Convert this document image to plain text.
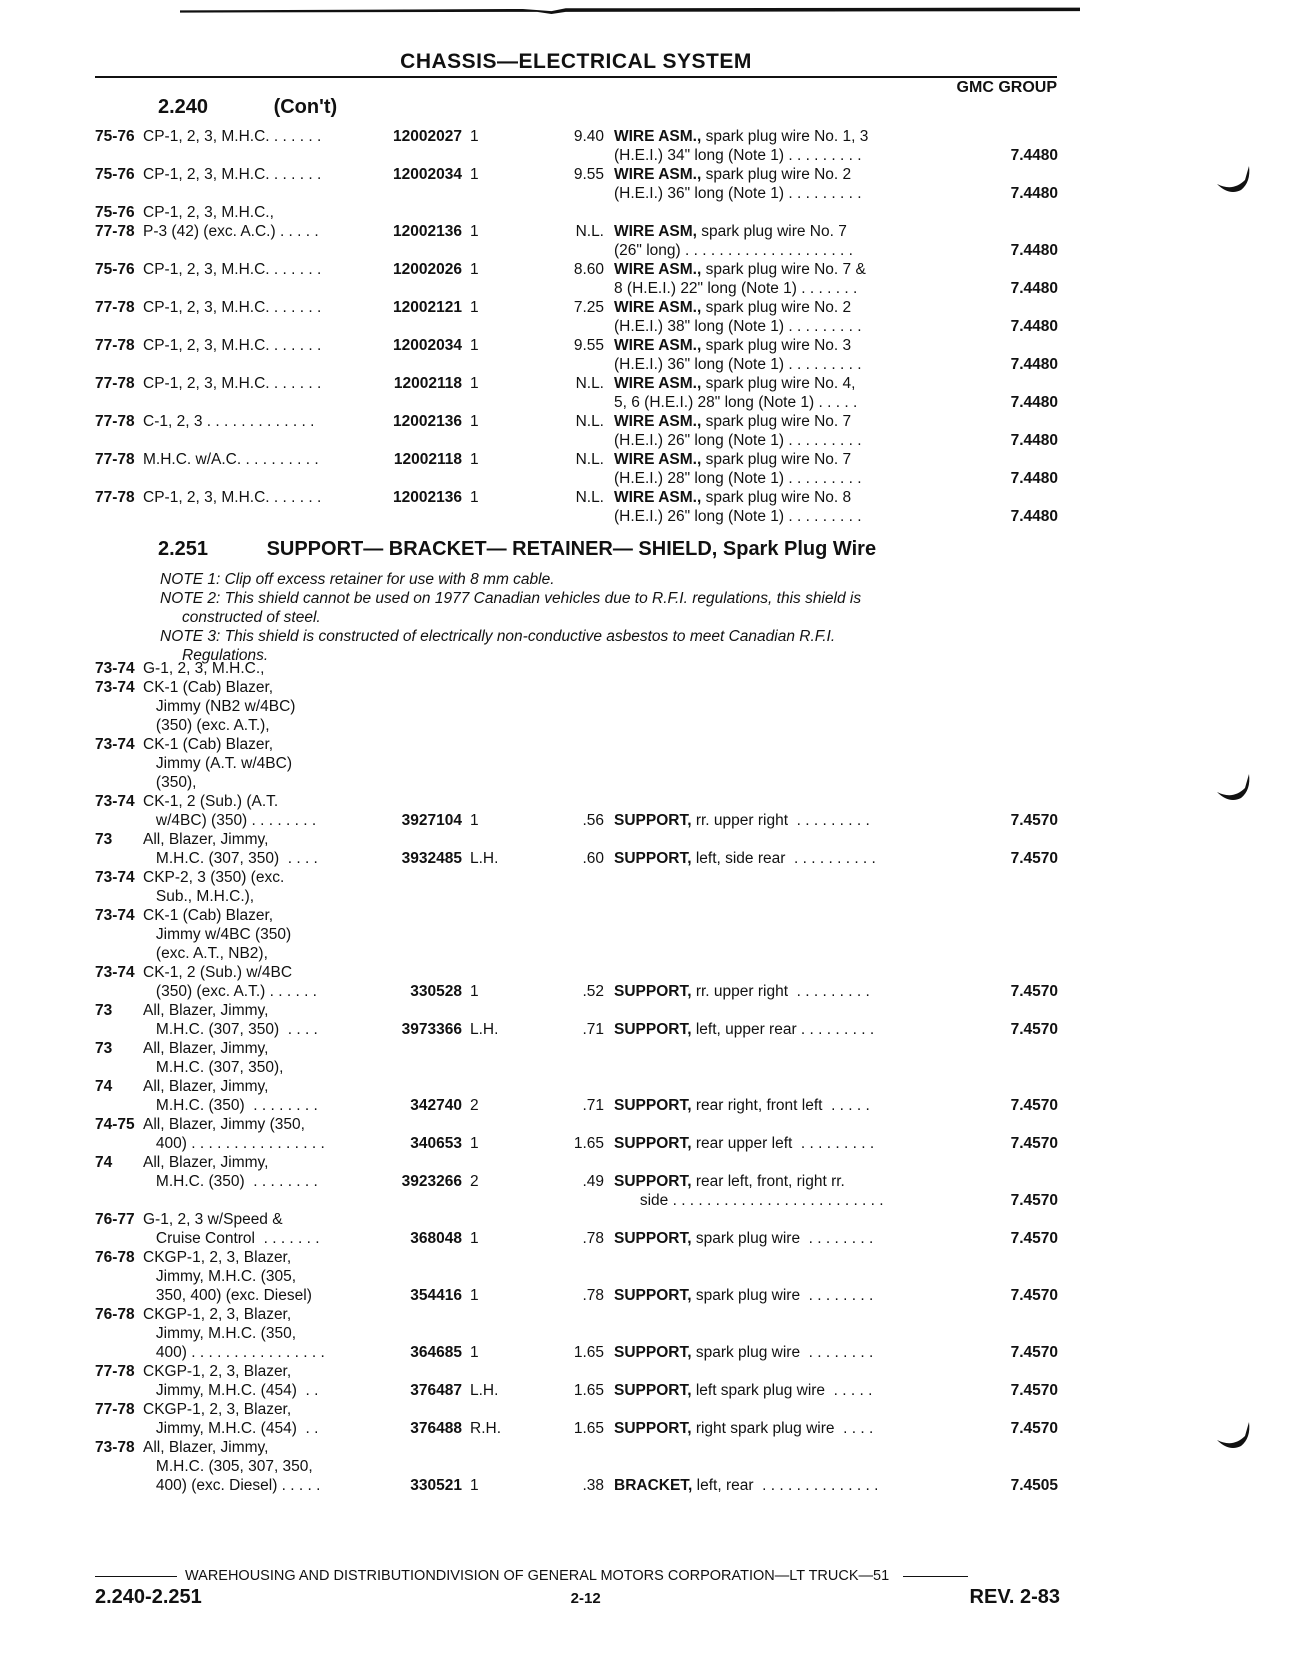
CHASSIS—ELECTRICAL SYSTEM
GMC GROUP
2.240	(Con't)
75-76 CP-1, 2, 3, M.H.C. . . . . . .	12002027 1	9.40 WIRE ASM., spark plug wire No. 1, 3
(H.E.I.) 34" long (Note 1) . . . . . . . . .	7.4480
75-76 CP-1, 2, 3, M.H.C. . . . . . .	12002034 1	9.55 WIRE ASM., spark plug wire No. 2
(H.E.I.) 36" long (Note 1) . . . . . . . . .	7.4480
75-76 CP-1, 2, 3, M.H.C.,
77-78 P-3 (42) (exc. A.C.) . . . . .	12002136 1	N.L. WIRE ASM, spark plug wire No. 7
(26" long) . . . . . . . . . . . . . . . . . . . .	7.4480
75-76 CP-1, 2, 3, M.H.C. . . . . . .	12002026 1	8.60 WIRE ASM., spark plug wire No. 7 &
8 (H.E.I.) 22" long (Note 1) . . . . . . .	7.4480
77-78 CP-1, 2, 3, M.H.C. . . . . . .	12002121 1	7.25 WIRE ASM., spark plug wire No. 2
(H.E.I.) 38" long (Note 1) . . . . . . . . .	7.4480
77-78 CP-1, 2, 3, M.H.C. . . . . . .	12002034 1	9.55 WIRE ASM., spark plug wire No. 3
(H.E.I.) 36" long (Note 1) . . . . . . . . .	7.4480
77-78 CP-1, 2, 3, M.H.C. . . . . . .	12002118 1	N.L. WIRE ASM., spark plug wire No. 4,
5, 6 (H.E.I.) 28" long (Note 1) . . . . .	7.4480
77-78 C-1, 2, 3 . . . . . . . . . . . . .	12002136 1	N.L. WIRE ASM., spark plug wire No. 7
(H.E.I.) 26" long (Note 1) . . . . . . . . .	7.4480
77-78 M.H.C. w/A.C. . . . . . . . . .	12002118 1	N.L. WIRE ASM., spark plug wire No. 7
(H.E.I.) 28" long (Note 1) . . . . . . . . .	7.4480
77-78 CP-1, 2, 3, M.H.C. . . . . . .	12002136 1	N.L. WIRE ASM., spark plug wire No. 8
(H.E.I.) 26" long (Note 1) . . . . . . . . .	7.4480
2.251	SUPPORT— BRACKET— RETAINER— SHIELD, Spark Plug Wire
NOTE 1: Clip off excess retainer for use with 8 mm cable.
NOTE 2: This shield cannot be used on 1977 Canadian vehicles due to R.F.I. regulations, this shield is
constructed of steel.
NOTE 3: This shield is constructed of electrically non-conductive asbestos to meet Canadian R.F.I.
Regulations.
73-74 G-1, 2, 3, M.H.C.,
73-74 CK-1 (Cab) Blazer,
Jimmy (NB2 w/4BC)
(350) (exc. A.T.),
73-74 CK-1 (Cab) Blazer,
Jimmy (A.T. w/4BC)
(350),
73-74 CK-1, 2 (Sub.) (A.T.
w/4BC) (350) . . . . . . . .	3927104 1	.56 SUPPORT, rr. upper right  . . . . . . . . .	7.4570
73	All, Blazer, Jimmy,
M.H.C. (307, 350)  . . . .	3932485 L.H.	.60 SUPPORT, left, side rear  . . . . . . . . . .	7.4570
73-74 CKP-2, 3 (350) (exc.
Sub., M.H.C.),
73-74 CK-1 (Cab) Blazer,
Jimmy w/4BC (350)
(exc. A.T., NB2),
73-74 CK-1, 2 (Sub.) w/4BC
(350) (exc. A.T.) . . . . . .	330528 1	.52 SUPPORT, rr. upper right  . . . . . . . . .	7.4570
73	All, Blazer, Jimmy,
M.H.C. (307, 350)  . . . .	3973366 L.H.	.71 SUPPORT, left, upper rear . . . . . . . . .	7.4570
73	All, Blazer, Jimmy,
M.H.C. (307, 350),
74	All, Blazer, Jimmy,
M.H.C. (350)  . . . . . . . .	342740 2	.71 SUPPORT, rear right, front left  . . . . .	7.4570
74-75 All, Blazer, Jimmy (350,
400) . . . . . . . . . . . . . . . .	340653 1	1.65 SUPPORT, rear upper left  . . . . . . . . .	7.4570
74	All, Blazer, Jimmy,
M.H.C. (350)  . . . . . . . .	3923266 2	.49 SUPPORT, rear left, front, right rr.
side . . . . . . . . . . . . . . . . . . . . . . . . .	7.4570
76-77 G-1, 2, 3 w/Speed &
Cruise Control  . . . . . . .	368048 1	.78 SUPPORT, spark plug wire  . . . . . . . .	7.4570
76-78 CKGP-1, 2, 3, Blazer,
Jimmy, M.H.C. (305,
350, 400) (exc. Diesel)	354416 1	.78 SUPPORT, spark plug wire  . . . . . . . .	7.4570
76-78 CKGP-1, 2, 3, Blazer,
Jimmy, M.H.C. (350,
400) . . . . . . . . . . . . . . . .	364685 1	1.65 SUPPORT, spark plug wire  . . . . . . . .	7.4570
77-78 CKGP-1, 2, 3, Blazer,
Jimmy, M.H.C. (454)  . .	376487 L.H.	1.65 SUPPORT, left spark plug wire  . . . . .	7.4570
77-78 CKGP-1, 2, 3, Blazer,
Jimmy, M.H.C. (454)  . .	376488 R.H.	1.65 SUPPORT, right spark plug wire  . . . .	7.4570
73-78 All, Blazer, Jimmy,
M.H.C. (305, 307, 350,
400) (exc. Diesel) . . . . .	330521 1	.38 BRACKET, left, rear  . . . . . . . . . . . . . .	7.4505
WAREHOUSING AND DISTRIBUTIONDIVISION OF GENERAL MOTORS CORPORATION—LT TRUCK—51
2.240-2.251	2-12	REV. 2-83
